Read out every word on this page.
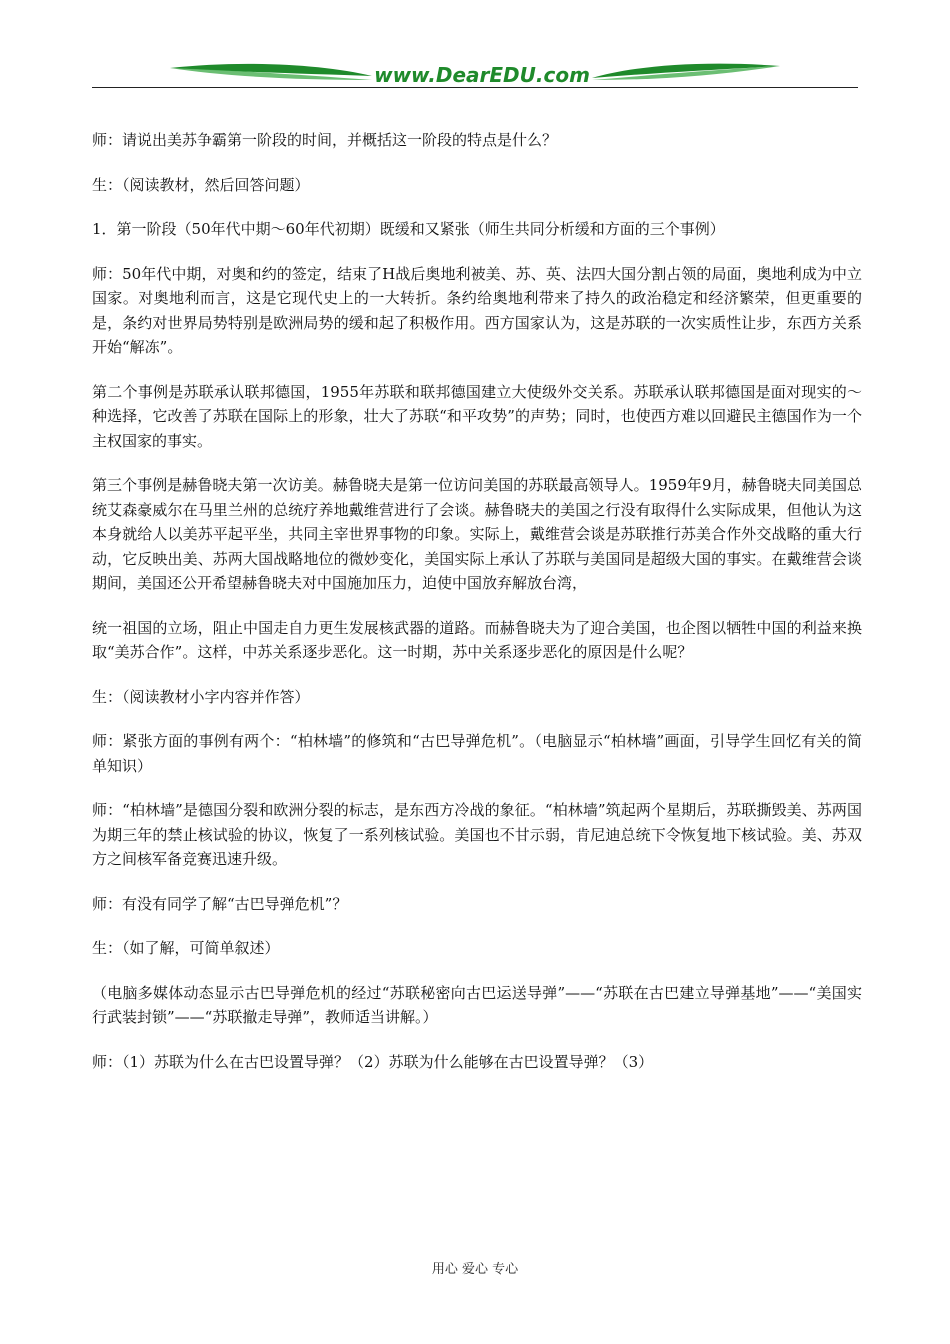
www.DearEDU.com

师：请说出美苏争霸第一阶段的时间，并概括这一阶段的特点是什么？

生：（阅读教材，然后回答问题）

1．第一阶段（50年代中期～60年代初期）既缓和又紧张（师生共同分析缓和方面的三个事例）

师：50年代中期，对奥和约的签定，结束了H战后奥地利被美、苏、英、法四大国分割占领的局面，奥地利成为中立国家。对奥地利而言，这是它现代史上的一大转折。条约给奥地利带来了持久的政治稳定和经济繁荣，但更重要的是，条约对世界局势特别是欧洲局势的缓和起了积极作用。西方国家认为，这是苏联的一次实质性让步，东西方关系开始“解冻”。

第二个事例是苏联承认联邦德国，1955年苏联和联邦德国建立大使级外交关系。苏联承认联邦德国是面对现实的～种选择，它改善了苏联在国际上的形象，壮大了苏联“和平攻势”的声势；同时，也使西方难以回避民主德国作为一个主权国家的事实。

第三个事例是赫鲁晓夫第一次访美。赫鲁晓夫是第一位访问美国的苏联最高领导人。1959年9月，赫鲁晓夫同美国总统艾森豪威尔在马里兰州的总统疗养地戴维营进行了会谈。赫鲁晓夫的美国之行没有取得什么实际成果，但他认为这本身就给人以美苏平起平坐，共同主宰世界事物的印象。实际上，戴维营会谈是苏联推行苏美合作外交战略的重大行动，它反映出美、苏两大国战略地位的微妙变化，美国实际上承认了苏联与美国同是超级大国的事实。在戴维营会谈期间，美国还公开希望赫鲁晓夫对中国施加压力，迫使中国放弃解放台湾，

统一祖国的立场，阻止中国走自力更生发展核武器的道路。而赫鲁晓夫为了迎合美国，也企图以牺牲中国的利益来换取“美苏合作”。这样，中苏关系逐步恶化。这一时期，苏中关系逐步恶化的原因是什么呢？

生：（阅读教材小字内容并作答）

师：紧张方面的事例有两个：“柏林墙”的修筑和“古巴导弹危机”。（电脑显示“柏林墙”画面，引导学生回忆有关的简单知识）

师：“柏林墙”是德国分裂和欧洲分裂的标志，是东西方冷战的象征。“柏林墙”筑起两个星期后，苏联撕毁美、苏两国为期三年的禁止核试验的协议，恢复了一系列核试验。美国也不甘示弱，肯尼迪总统下令恢复地下核试验。美、苏双方之间核军备竞赛迅速升级。

师：有没有同学了解“古巴导弹危机”？

生：（如了解，可简单叙述）

（电脑多媒体动态显示古巴导弹危机的经过“苏联秘密向古巴运送导弹”——“苏联在古巴建立导弹基地”——“美国实行武装封锁”——“苏联撤走导弹”，教师适当讲解。）

师：（1）苏联为什么在古巴设置导弹？（2）苏联为什么能够在古巴设置导弹？（3）

用心 爱心 专心
